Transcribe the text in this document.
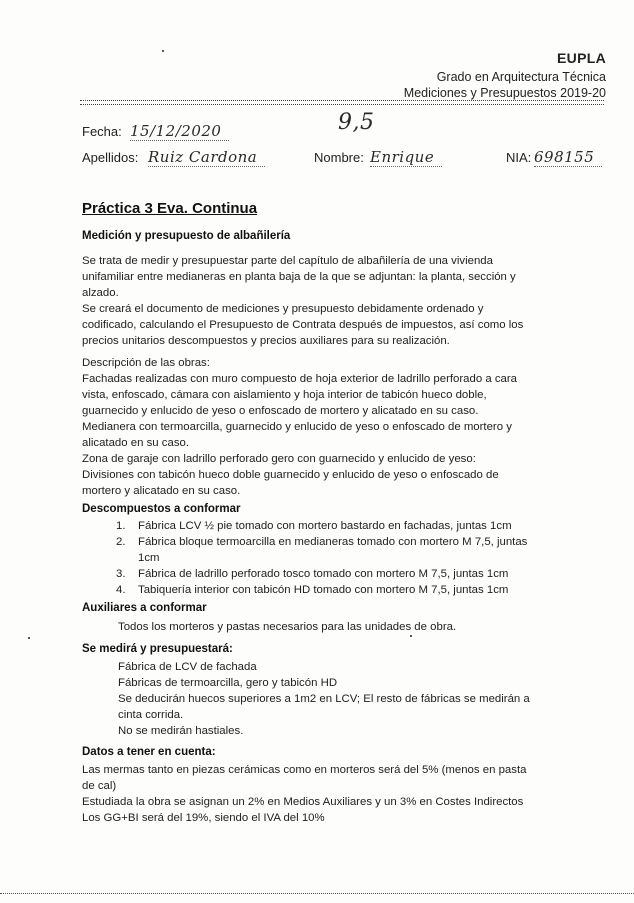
EUPLA
Grado en Arquitectura Técnica
Mediciones y Presupuestos 2019-20
Fecha: 15/12/2020	9,5
Apellidos: Ruiz Cardona	Nombre: Enrique	NIA: 698155
Práctica 3 Eva. Continua
Medición y presupuesto de albañilería
Se trata de medir y presupuestar parte del capítulo de albañilería de una vivienda
unifamiliar entre medianeras en planta baja de la que se adjuntan: la planta, sección y
alzado.
Se creará el documento de mediciones y presupuesto debidamente ordenado y
codificado, calculando el Presupuesto de Contrata después de impuestos, así como los
precios unitarios descompuestos y precios auxiliares para su realización.
Descripción de las obras:
Fachadas realizadas con muro compuesto de hoja exterior de ladrillo perforado a cara
vista, enfoscado, cámara con aislamiento y hoja interior de tabicón hueco doble,
guarnecido y enlucido de yeso o enfoscado de mortero y alicatado en su caso.
Medianera con termoarcilla, guarnecido y enlucido de yeso o enfoscado de mortero y
alicatado en su caso.
Zona de garaje con ladrillo perforado gero con guarnecido y enlucido de yeso:
Divisiones con tabicón hueco doble guarnecido y enlucido de yeso o enfoscado de
mortero y alicatado en su caso.
Descompuestos a conformar
1. Fábrica LCV ½ pie tomado con mortero bastardo en fachadas, juntas 1cm
2. Fábrica bloque termoarcilla en medianeras tomado con mortero M 7,5, juntas
1cm
3. Fábrica de ladrillo perforado tosco tomado con mortero M 7,5, juntas 1cm
4. Tabiquería interior con tabicón HD tomado con mortero M 7,5, juntas 1cm
Auxiliares a conformar
Todos los morteros y pastas necesarios para las unidades de obra.
Se medirá y presupuestará:
Fábrica de LCV de fachada
Fábricas de termoarcilla, gero y tabicón HD
Se deducirán huecos superiores a 1m2 en LCV; El resto de fábricas se medirán a
cinta corrida.
No se medirán hastiales.
Datos a tener en cuenta:
Las mermas tanto en piezas cerámicas como en morteros será del 5% (menos en pasta
de cal)
Estudiada la obra se asignan un 2% en Medios Auxiliares y un 3% en Costes Indirectos
Los GG+BI será del 19%, siendo el IVA del 10%
